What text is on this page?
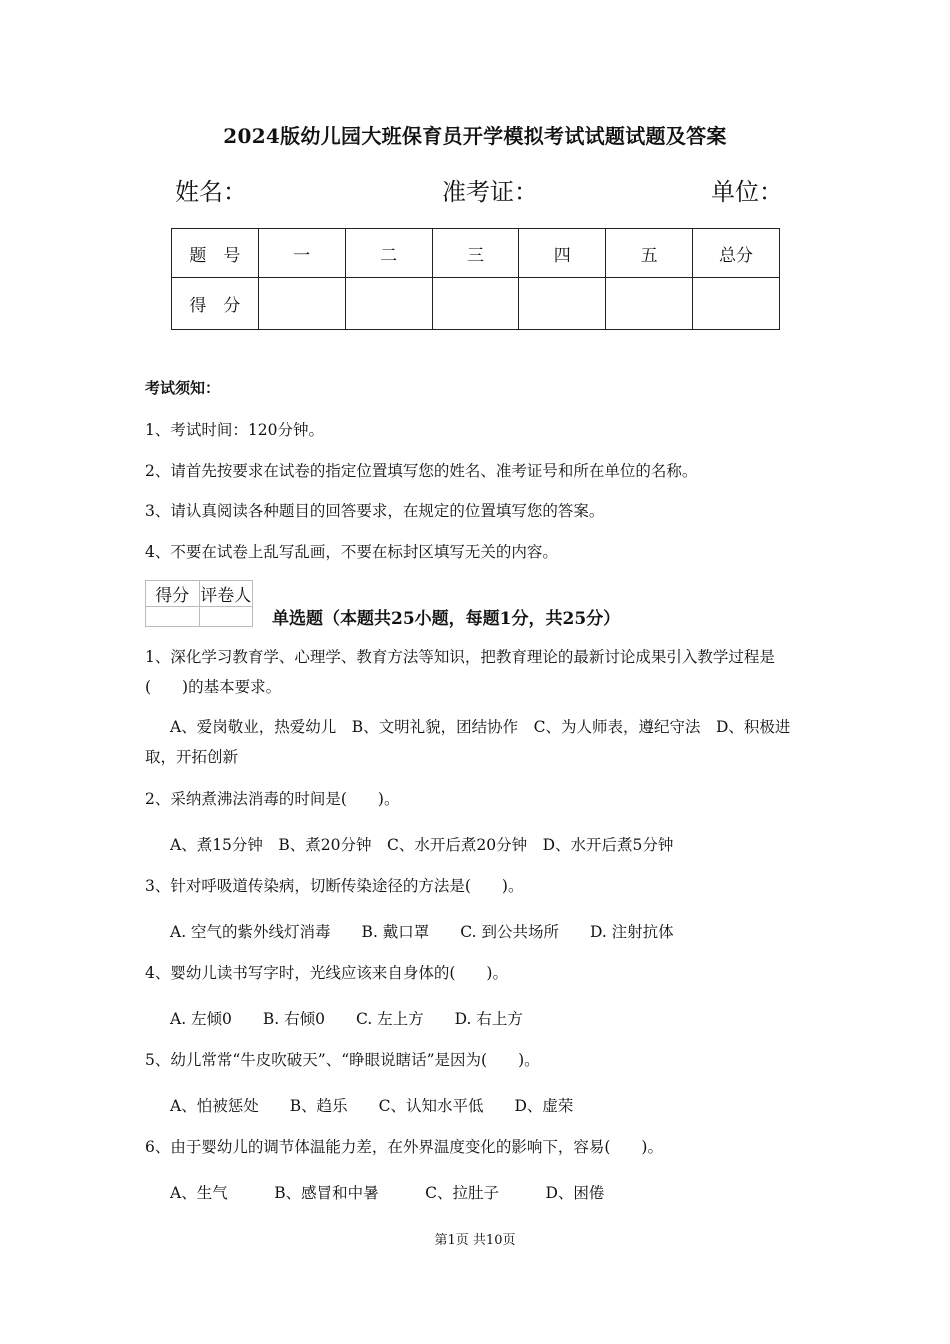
2024版幼儿园大班保育员开学模拟考试试题试题及答案
姓名：	准考证：	单位：
题　号	一	二	三	四	五	总分
得　分						
考试须知：
1、考试时间：120分钟。
2、请首先按要求在试卷的指定位置填写您的姓名、准考证号和所在单位的名称。
3、请认真阅读各种题目的回答要求，在规定的位置填写您的答案。
4、不要在试卷上乱写乱画，不要在标封区填写无关的内容。
得分	评卷人

单选题（本题共25小题，每题1分，共25分）
1、深化学习教育学、心理学、教育方法等知识，把教育理论的最新讨论成果引入教学过程是(　　)的基本要求。
A、爱岗敬业，热爱幼儿　B、文明礼貌，团结协作　C、为人师表，遵纪守法　D、积极进取，开拓创新
2、采纳煮沸法消毒的时间是(　　)。
A、煮15分钟　B、煮20分钟　C、水开后煮20分钟　D、水开后煮5分钟
3、针对呼吸道传染病，切断传染途径的方法是(　　)。
A. 空气的紫外线灯消毒　　B. 戴口罩　　C. 到公共场所　　D. 注射抗体
4、婴幼儿读书写字时，光线应该来自身体的(　　)。
A. 左倾0　　B. 右倾0　　C. 左上方　　D. 右上方
5、幼儿常常“牛皮吹破天”、“睁眼说瞎话”是因为(　　)。
A、怕被惩处　　B、趋乐　　C、认知水平低　　D、虚荣
6、由于婴幼儿的调节体温能力差，在外界温度变化的影响下，容易(　　)。
A、生气　　　B、感冒和中暑　　　C、拉肚子　　　D、困倦
第1页 共10页
